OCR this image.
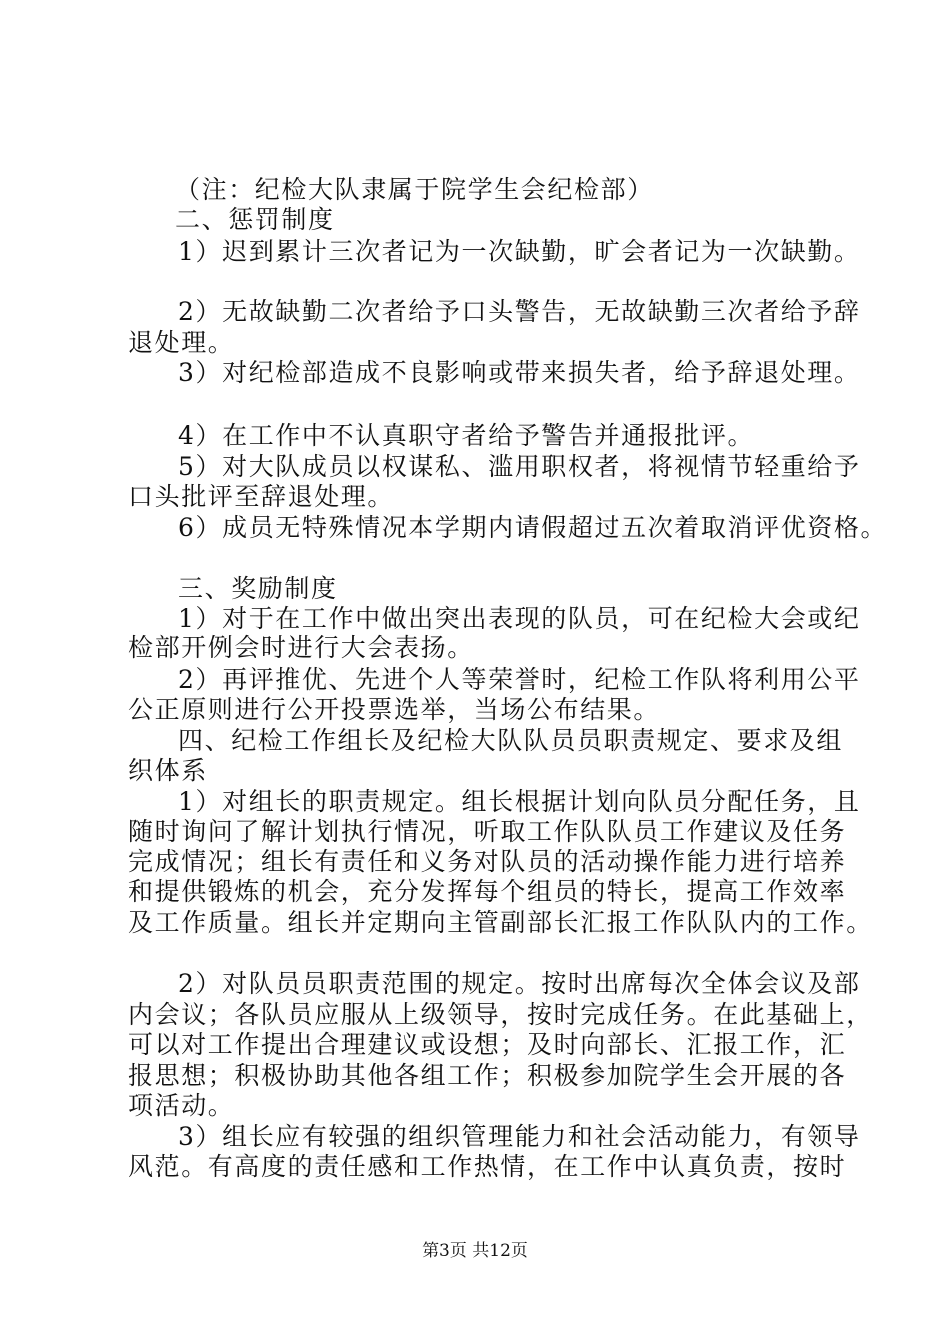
（注：纪检大队隶属于院学生会纪检部）
二、惩罚制度
1）迟到累计三次者记为一次缺勤，旷会者记为一次缺勤。
2）无故缺勤二次者给予口头警告，无故缺勤三次者给予辞
退处理。
3）对纪检部造成不良影响或带来损失者，给予辞退处理。
4）在工作中不认真职守者给予警告并通报批评。
5）对大队成员以权谋私、滥用职权者，将视情节轻重给予
口头批评至辞退处理。
6）成员无特殊情况本学期内请假超过五次着取消评优资格。
三、奖励制度
1）对于在工作中做出突出表现的队员，可在纪检大会或纪
检部开例会时进行大会表扬。
2）再评推优、先进个人等荣誉时，纪检工作队将利用公平
公正原则进行公开投票选举，当场公布结果。
四、纪检工作组长及纪检大队队员员职责规定、要求及组
织体系
1）对组长的职责规定。组长根据计划向队员分配任务，且
随时询问了解计划执行情况，听取工作队队员工作建议及任务
完成情况；组长有责任和义务对队员的活动操作能力进行培养
和提供锻炼的机会，充分发挥每个组员的特长，提高工作效率
及工作质量。组长并定期向主管副部长汇报工作队队内的工作。
2）对队员员职责范围的规定。按时出席每次全体会议及部
内会议；各队员应服从上级领导，按时完成任务。在此基础上，
可以对工作提出合理建议或设想；及时向部长、汇报工作，汇
报思想；积极协助其他各组工作；积极参加院学生会开展的各
项活动。
3）组长应有较强的组织管理能力和社会活动能力，有领导
风范。有高度的责任感和工作热情，在工作中认真负责，按时
第3页 共12页
